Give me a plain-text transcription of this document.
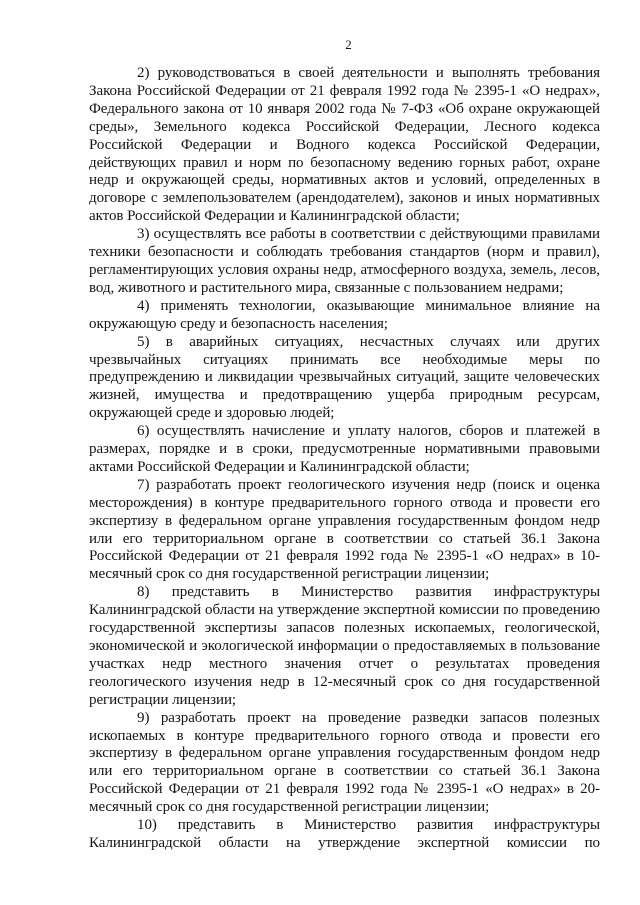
2

2) руководствоваться в своей деятельности и выполнять требования Закона Российской Федерации от 21 февраля 1992 года № 2395-1 «О недрах», Федерального закона от 10 января 2002 года № 7-ФЗ «Об охране окружающей среды», Земельного кодекса Российской Федерации, Лесного кодекса Российской Федерации и Водного кодекса Российской Федерации, действующих правил и норм по безопасному ведению горных работ, охране недр и окружающей среды, нормативных актов и условий, определенных в договоре с землепользователем (арендодателем), законов и иных нормативных актов Российской Федерации и Калининградской области;

3) осуществлять все работы в соответствии с действующими правилами техники безопасности и соблюдать требования стандартов (норм и правил), регламентирующих условия охраны недр, атмосферного воздуха, земель, лесов, вод, животного и растительного мира, связанные с пользованием недрами;

4) применять технологии, оказывающие минимальное влияние на окружающую среду и безопасность населения;

5) в аварийных ситуациях, несчастных случаях или других чрезвычайных ситуациях принимать все необходимые меры по предупреждению и ликвидации чрезвычайных ситуаций, защите человеческих жизней, имущества и предотвращению ущерба природным ресурсам, окружающей среде и здоровью людей;

6) осуществлять начисление и уплату налогов, сборов и платежей в размерах, порядке и в сроки, предусмотренные нормативными правовыми актами Российской Федерации и Калининградской области;

7) разработать проект геологического изучения недр (поиск и оценка месторождения) в контуре предварительного горного отвода и провести его экспертизу в федеральном органе управления государственным фондом недр или его территориальном органе в соответствии со статьей 36.1 Закона Российской Федерации от 21 февраля 1992 года № 2395-1 «О недрах» в 10-месячный срок со дня государственной регистрации лицензии;

8) представить в Министерство развития инфраструктуры Калининградской области на утверждение экспертной комиссии по проведению государственной экспертизы запасов полезных ископаемых, геологической, экономической и экологической информации о предоставляемых в пользование участках недр местного значения отчет о результатах проведения геологического изучения недр в 12-месячный срок со дня государственной регистрации лицензии;

9) разработать проект на проведение разведки запасов полезных ископаемых в контуре предварительного горного отвода и провести его экспертизу в федеральном органе управления государственным фондом недр или его территориальном органе в соответствии со статьей 36.1 Закона Российской Федерации от 21 февраля 1992 года № 2395-1 «О недрах» в 20-месячный срок со дня государственной регистрации лицензии;

10) представить в Министерство развития инфраструктуры Калининградской области на утверждение экспертной комиссии по
